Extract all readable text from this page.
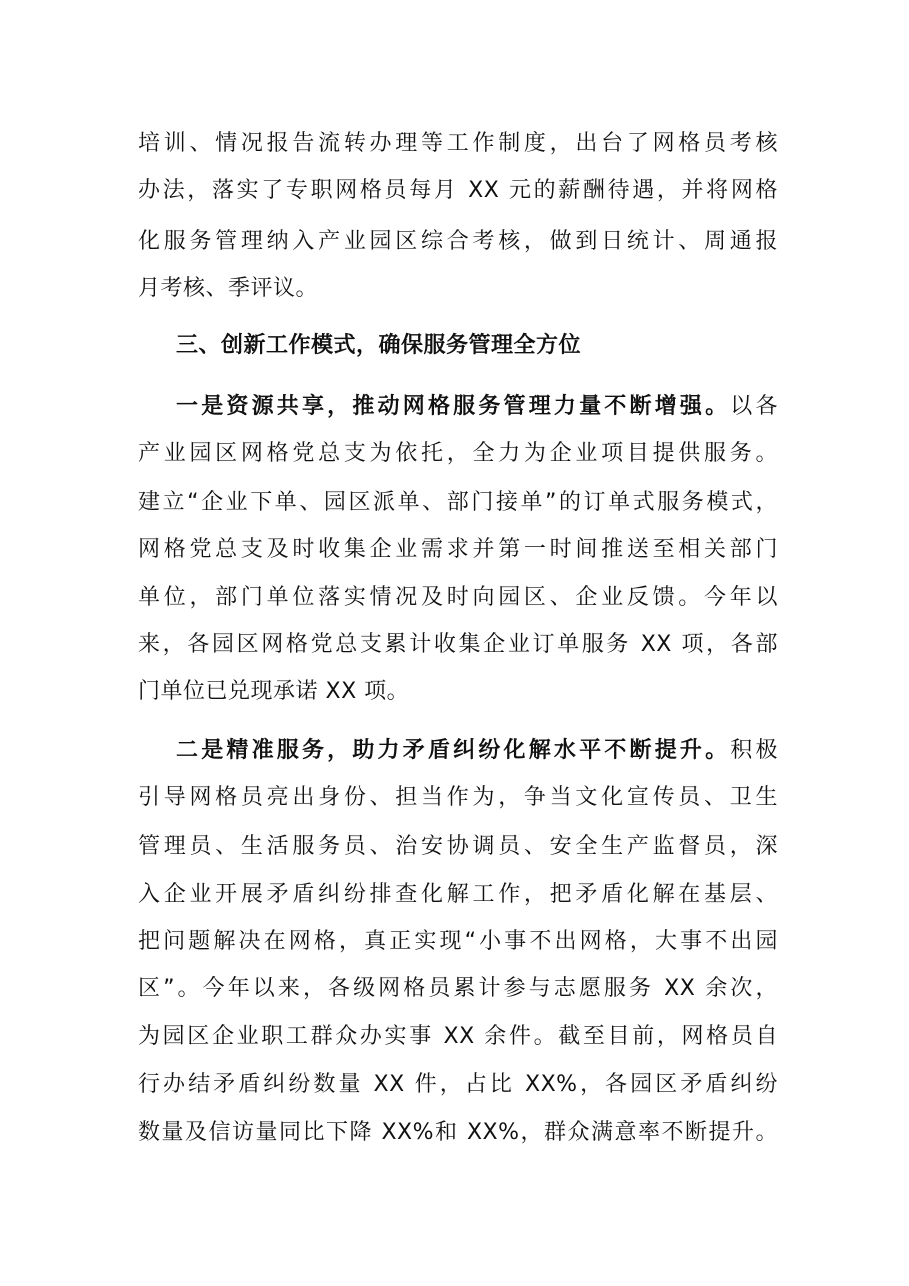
培训、情况报告流转办理等工作制度，出台了网格员考核
办法，落实了专职网格员每月 XX 元的薪酬待遇，并将网格
化服务管理纳入产业园区综合考核，做到日统计、周通报
月考核、季评议。
三、创新工作模式，确保服务管理全方位
一是资源共享，推动网格服务管理力量不断增强。以各
产业园区网格党总支为依托，全力为企业项目提供服务。
建立“企业下单、园区派单、部门接单”的订单式服务模式，
网格党总支及时收集企业需求并第一时间推送至相关部门
单位，部门单位落实情况及时向园区、企业反馈。今年以
来，各园区网格党总支累计收集企业订单服务 XX 项，各部
门单位已兑现承诺 XX 项。
二是精准服务，助力矛盾纠纷化解水平不断提升。积极
引导网格员亮出身份、担当作为，争当文化宣传员、卫生
管理员、生活服务员、治安协调员、安全生产监督员，深
入企业开展矛盾纠纷排查化解工作，把矛盾化解在基层、
把问题解决在网格，真正实现“小事不出网格，大事不出园
区”。今年以来，各级网格员累计参与志愿服务 XX 余次，
为园区企业职工群众办实事 XX 余件。截至目前，网格员自
行办结矛盾纠纷数量 XX 件，占比 XX%，各园区矛盾纠纷
数量及信访量同比下降 XX%和 XX%，群众满意率不断提升。
